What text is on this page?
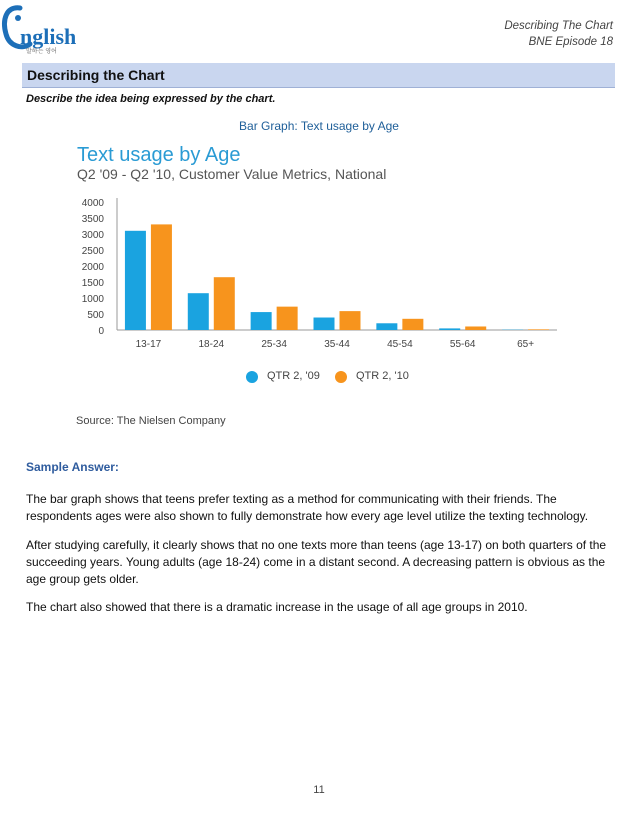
nglish
말하는 영어
Describing The Chart
BNE Episode 18
Describing the Chart
Describe the idea being expressed by the chart.
Bar Graph: Text usage by Age
Text usage by Age
Q2 '09 - Q2 '10, Customer Value Metrics, National
0
500
1000
1500
2000
2500
3000
3500
4000
13-17	18-24	25-34	35-44	45-54	55-64	65+
QTR 2, '09	QTR 2, '10
Source: The Nielsen Company
Sample Answer:
The bar graph shows that teens prefer texting as a method for communicating with their friends. The respondents ages were also shown to fully demonstrate how every age level utilize the texting technology.
After studying carefully, it clearly shows that no one texts more than teens (age 13-17) on both quarters of the succeeding years. Young adults (age 18-24) come in a distant second. A decreasing pattern is obvious as the age group gets older.
The chart also showed that there is a dramatic increase in the usage of all age groups in 2010.
11
